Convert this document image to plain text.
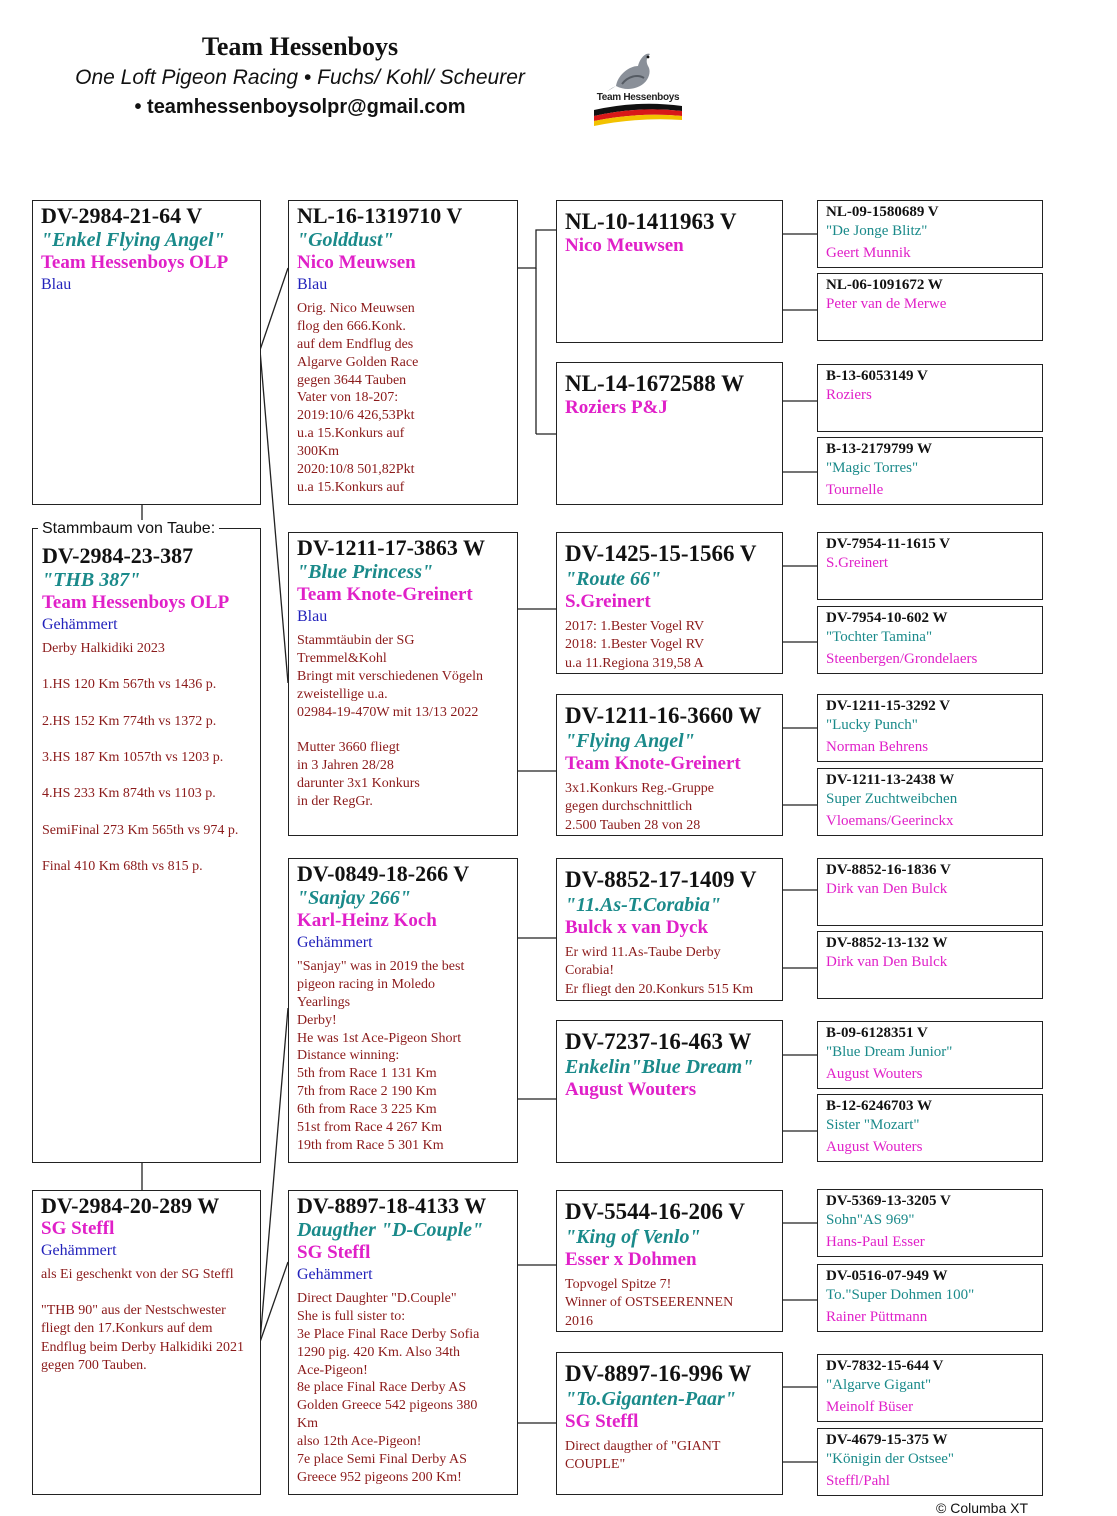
Team Hessenboys
One Loft Pigeon Racing • Fuchs/ Kohl/ Scheurer
• teamhessenboysolpr@gmail.com	Team Hessenboys
DV-2984-21-64 V
"Enkel Flying Angel"
Team Hessenboys OLP
Blau
DV-2984-23-387
"THB 387"
Team Hessenboys OLP
Gehämmert
Derby Halkidiki 2023

1.HS 120 Km 567th vs 1436 p.

2.HS 152 Km 774th vs 1372 p.

3.HS 187 Km 1057th vs 1203 p.

4.HS 233 Km 874th vs 1103 p.

SemiFinal 273 Km 565th vs 974 p.

Final 410 Km 68th vs 815 p.
Stammbaum von Taube:
DV-2984-20-289 W
SG Steffl
Gehämmert
als Ei geschenkt von der SG Steffl

"THB 90" aus der Nestschwester fliegt den 17.Konkurs auf dem Endflug beim Derby Halkidiki 2021
gegen 700 Tauben.
NL-16-1319710 V
"Golddust"
Nico Meuwsen
Blau
Orig. Nico Meuwsen
flog den 666.Konk.
auf dem Endflug des
Algarve Golden Race
gegen 3644 Tauben
Vater von 18-207:
2019:10/6 426,53Pkt
u.a 15.Konkurs auf
300Km
2020:10/8 501,82Pkt
u.a 15.Konkurs auf
DV-1211-17-3863 W
"Blue Princess"
Team Knote-Greinert
Blau
Stammtäubin der SG
Tremmel&Kohl
Bringt mit verschiedenen Vögeln
zweistellige u.a.
02984-19-470W mit 13/13 2022

Mutter 3660 fliegt
in 3 Jahren 28/28
darunter 3x1 Konkurs
in der RegGr.
DV-0849-18-266 V
"Sanjay 266"
Karl-Heinz Koch
Gehämmert
"Sanjay" was in 2019 the best
pigeon racing in Moledo
Yearlings
Derby!
He was 1st Ace-Pigeon Short
Distance winning:
5th from Race 1 131 Km
7th from Race 2 190 Km
6th from Race 3 225 Km
51st from Race 4 267 Km
19th from Race 5 301 Km
DV-8897-18-4133 W
Daugther "D-Couple"
SG Steffl
Gehämmert
Direct Daughter "D.Couple"
She is full sister to:
3e Place Final Race Derby Sofia
1290 pig. 420 Km. Also 34th
Ace-Pigeon!
8e place Final Race Derby AS
Golden Greece 542 pigeons 380
Km
also 12th Ace-Pigeon!
7e place Semi Final Derby AS
Greece 952 pigeons 200 Km!
NL-10-1411963 V
Nico Meuwsen
NL-14-1672588 W
Roziers P&J
DV-1425-15-1566 V
"Route 66"
S.Greinert
2017: 1.Bester Vogel RV
2018: 1.Bester Vogel RV
u.a 11.Regiona 319,58 A
DV-1211-16-3660 W
"Flying Angel"
Team Knote-Greinert
3x1.Konkurs Reg.-Gruppe
gegen durchschnittlich
2.500 Tauben 28 von 28
DV-8852-17-1409 V
"11.As-T.Corabia"
Bulck x van Dyck
Er wird 11.As-Taube Derby
Corabia!
Er fliegt den 20.Konkurs 515 Km
DV-7237-16-463 W
Enkelin"Blue Dream"
August Wouters
DV-5544-16-206 V
"King of Venlo"
Esser x Dohmen
Topvogel Spitze 7!
Winner of OSTSEERENNEN
2016
DV-8897-16-996 W
"To.Giganten-Paar"
SG Steffl
Direct daugther of "GIANT
COUPLE"
NL-09-1580689 V
"De Jonge Blitz"
Geert Munnik
NL-06-1091672 W
Peter van de Merwe
B-13-6053149 V
Roziers
B-13-2179799 W
"Magic Torres"
Tournelle
DV-7954-11-1615 V
S.Greinert
DV-7954-10-602 W
"Tochter Tamina"
Steenbergen/Grondelaers
DV-1211-15-3292 V
"Lucky Punch"
Norman Behrens
DV-1211-13-2438 W
Super Zuchtweibchen
Vloemans/Geerinckx
DV-8852-16-1836 V
Dirk van Den Bulck
DV-8852-13-132 W
Dirk van Den Bulck
B-09-6128351 V
"Blue Dream Junior"
August Wouters
B-12-6246703 W
Sister "Mozart"
August Wouters
DV-5369-13-3205 V
Sohn"AS 969"
Hans-Paul Esser
DV-0516-07-949 W
To."Super Dohmen 100"
Rainer Püttmann
DV-7832-15-644 V
"Algarve Gigant"
Meinolf Büser
DV-4679-15-375 W
"Königin der Ostsee"
Steffl/Pahl
© Columba XT
